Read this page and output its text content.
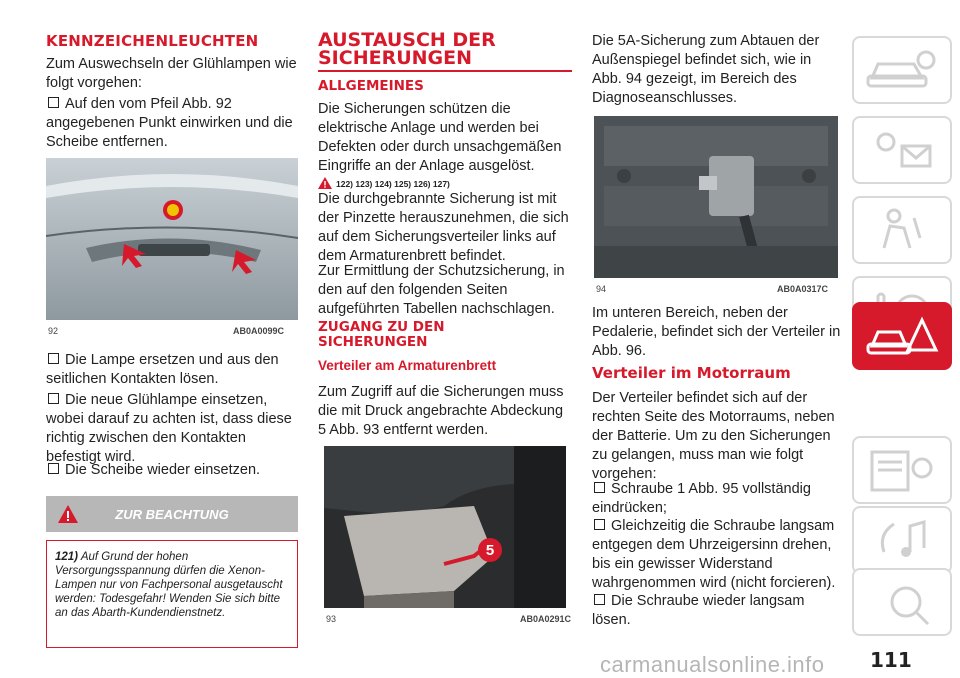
KENNZEICHENLEUCHTEN

Zum Auswechseln der Glühlampen wie folgt vorgehen:

Auf den vom Pfeil Abb. 92 angegebenen Punkt einwirken und die Scheibe entfernen.

92	AB0A0099C

Die Lampe ersetzen und aus den seitlichen Kontakten lösen.

Die neue Glühlampe einsetzen, wobei darauf zu achten ist, dass diese richtig zwischen den Kontakten befestigt wird.

Die Scheibe wieder einsetzen.

ZUR BEACHTUNG

121) Auf Grund der hohen Versorgungsspannung dürfen die Xenon-Lampen nur von Fachpersonal ausgetauscht werden: Todesgefahr! Wenden Sie sich bitte an das Abarth-Kundendienstnetz.

AUSTAUSCH DER
SICHERUNGEN
ALLGEMEINES

Die Sicherungen schützen die elektrische Anlage und werden bei Defekten oder durch unsachgemäßen Eingriffe an der Anlage ausgelöst.

122) 123) 124) 125) 126) 127)

Die durchgebrannte Sicherung ist mit der Pinzette herauszunehmen, die sich auf dem Sicherungsverteiler links auf dem Armaturenbrett befindet.

Zur Ermittlung der Schutzsicherung, in den auf den folgenden Seiten aufgeführten Tabellen nachschlagen.

ZUGANG ZU DEN
SICHERUNGEN
Verteiler am Armaturenbrett

Zum Zugriff auf die Sicherungen muss die mit Druck angebrachte Abdeckung 5 Abb. 93 entfernt werden.

5
93	AB0A0291C

Die 5A-Sicherung zum Abtauen der Außenspiegel befindet sich, wie in Abb. 94 gezeigt, im Bereich des Diagnoseanschlusses.

94	AB0A0317C

Im unteren Bereich, neben der Pedalerie, befindet sich der Verteiler in Abb. 96.

Verteiler im Motorraum

Der Verteiler befindet sich auf der rechten Seite des Motorraums, neben der Batterie. Um zu den Sicherungen zu gelangen, muss man wie folgt vorgehen:

Schraube 1 Abb. 95 vollständig eindrücken;

Gleichzeitig die Schraube langsam entgegen dem Uhrzeigersinn drehen, bis ein gewisser Widerstand wahrgenommen wird (nicht forcieren).

Die Schraube wieder langsam lösen.

111
carmanualsonline.info
